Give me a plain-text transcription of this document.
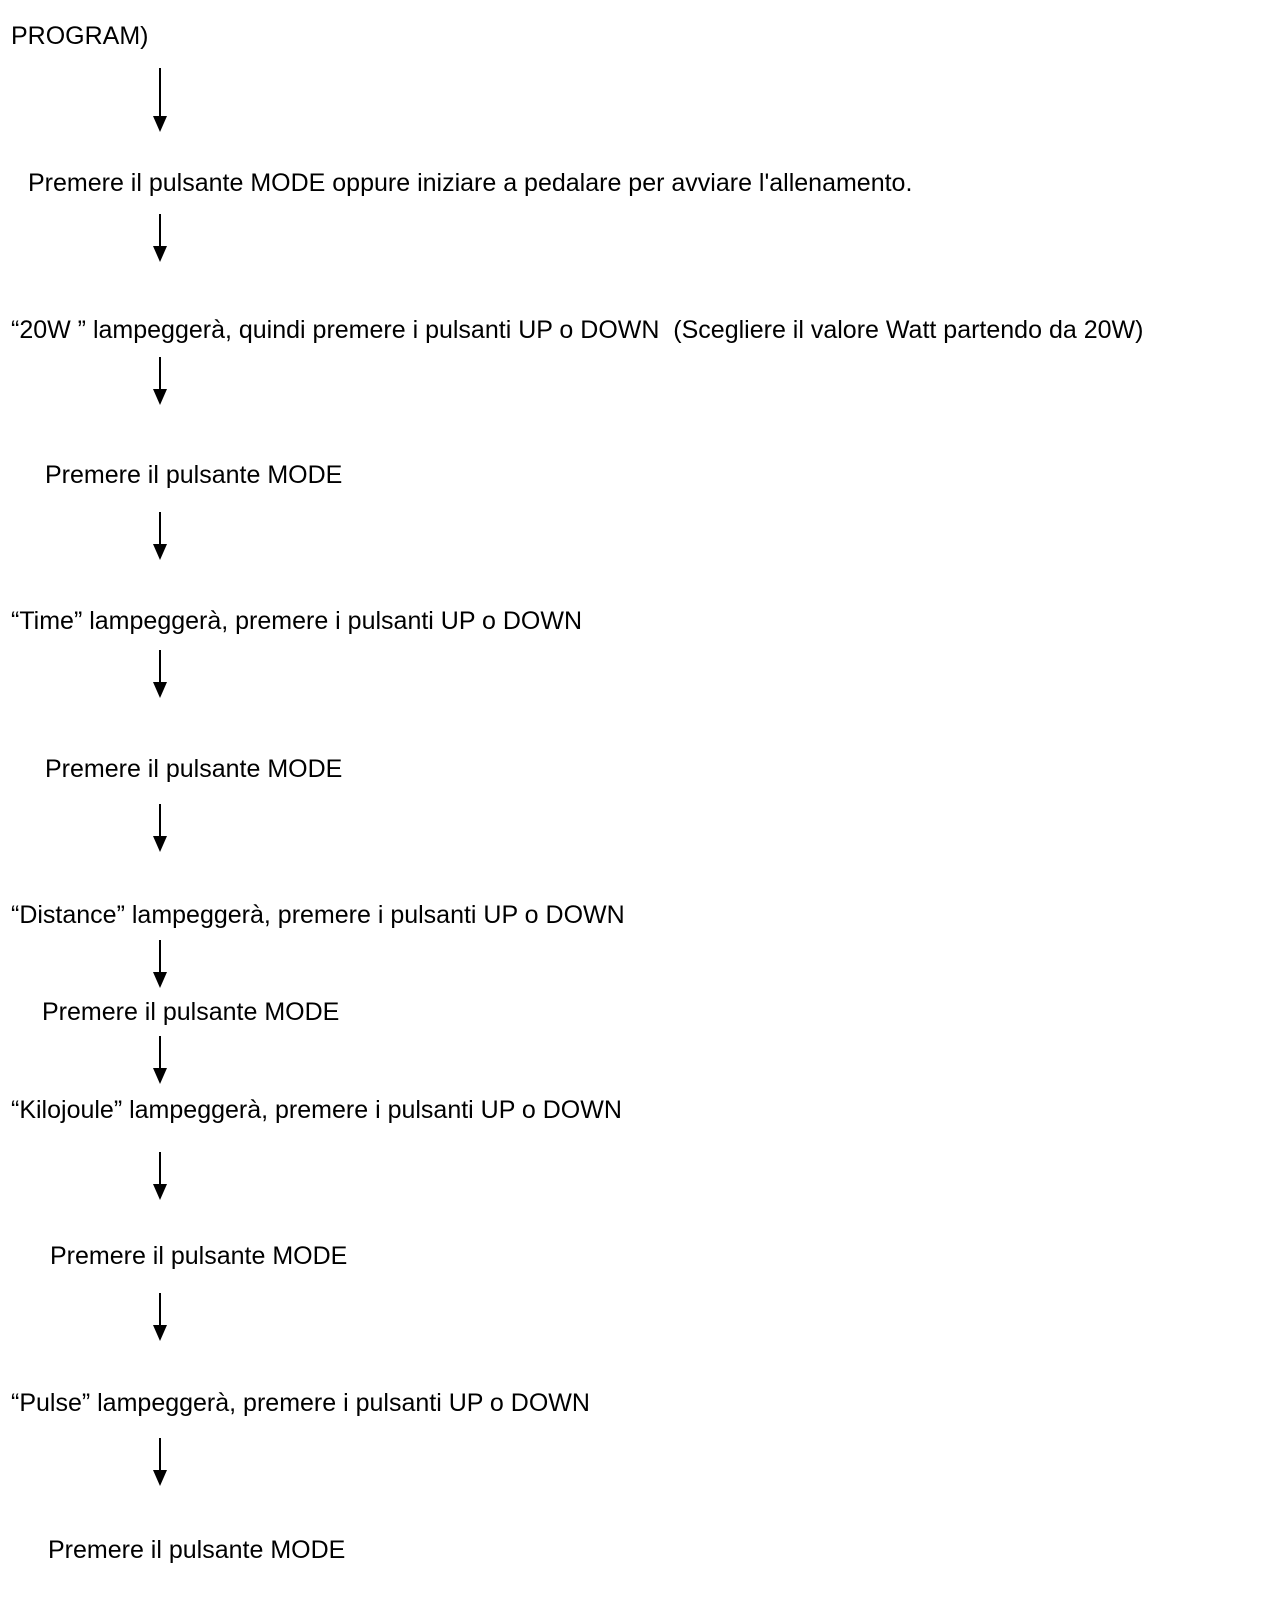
PROGRAM)

Premere il pulsante MODE oppure iniziare a pedalare per avviare l'allenamento.

“20W ” lampeggerà, quindi premere i pulsanti UP o DOWN  (Scegliere il valore Watt partendo da 20W)

Premere il pulsante MODE

“Time” lampeggerà, premere i pulsanti UP o DOWN

Premere il pulsante MODE

“Distance” lampeggerà, premere i pulsanti UP o DOWN

Premere il pulsante MODE

“Kilojoule” lampeggerà, premere i pulsanti UP o DOWN

Premere il pulsante MODE

“Pulse” lampeggerà, premere i pulsanti UP o DOWN

Premere il pulsante MODE
